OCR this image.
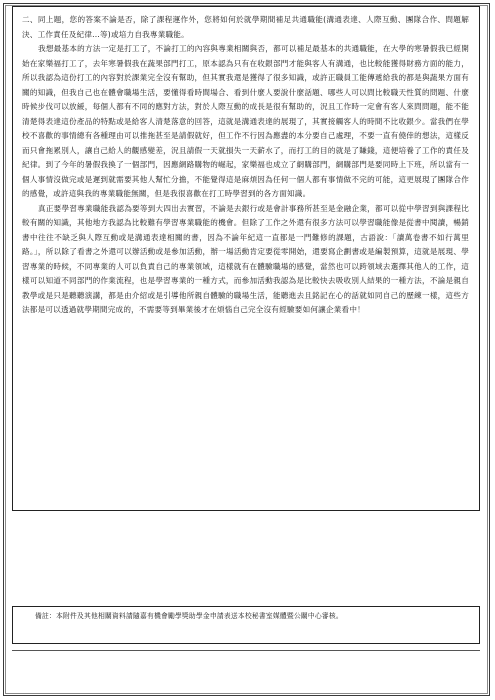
二、同上題，您的答案不論是否，除了課程運作外，您將如何於就學期間補足共通職能(溝通表達、人際互動、團隊合作、問題解決、工作責任及紀律...等)或培力自我專業職能。

我想最基本的方法一定是打工了，不論打工的內容與專業相關與否，都可以補足最基本的共通職能，在大學的寒暑假我已經開始在家樂福打工了，去年寒暑假我在蔬果部門打工，原本認為只有在收銀部門才能與客人有溝通，也比較能獲得財務方面的能力，所以我認為這份打工的內容對於課業完全沒有幫助，但其實我還是獲得了很多知識，或許正職員工能傳遞給我的都是與蔬果方面有關的知識，但我自己也在體會職場生活，要懂得看時間場合、看到什麼人要說什麼話題、哪些人可以問比較職天性質的問題、什麼時候步伐可以放緩，每個人都有不同的應對方法，對於人際互動的成長是很有幫助的，況且工作時一定會有客人來問問題，能不能清楚得表達這份產品的特點或是給客人清楚落意的回答，這就是溝通表達的展現了，其實接觸客人的時間不比收銀少。當我們在學校不喜歡的事情總有各種理由可以推拖甚至是請假就好，但工作不行因為應盡的本分要自己處理，不要一直有僥倖的想法，這樣反而只會拖累別人，讓自己給人的觀感變差，況且請假一天就損失一天薪水了，而打工的目的就是了賺錢，這便培養了工作的責任及紀律。到了今年的暑假我換了一個部門，因應網路購物的崛起，家樂福也成立了網購部門，網購部門是要同時上下班，所以當有一個人事情沒做完或是遲到就需要其他人幫忙分擔，不能覺得這是麻煩因為任何一個人都有事情做不完的可能，這更展現了團隊合作的感覺，或許這與我的專業職能無關，但是我很喜歡在打工時學習到的各方面知識。

真正要學習專業職能我認為要等到大四出去實習，不論是去銀行或是會計事務所甚至是金融企業，都可以從中學習到與課程比較有關的知識，其他地方我認為比較難有學習專業職能的機會。但除了工作之外還有很多方法可以學習職能像是從書中閱讀，暢銷書中往往不缺乏與人際互動或是溝通表達相關的書，因為不論年紀這一直都是一門難修的課題，古語說：「讀萬卷書不如行萬里路。」，所以除了看書之外還可以辦活動或是參加活動，辦一場活動肯定要從零開始，還要寫企劃書或是編製預算，這就是展現、學習專業的時候，不同專業的人可以負責自己的專業領域，這樣就有在體驗職場的感覺，當然也可以跨領域去選擇其他人的工作，這樣可以知道不同部門的作業流程，也是學習專業的一種方式，而參加活動我認為是比較快去吸收別人結果的一種方法，不論是親自教學或是只是聽聽演講，都是由介紹或是引導他所親自體驗的職場生活，能聽進去且銘記在心的話就如同自己的歷練一樣，這些方法都是可以透過就學期間完成的，不需要等到畢業後才在煩惱自己完全沒有經驗要如何讓企業看中！

備註：本附件及其他相關資料請隨嘉有機會勵學獎助學金申請表送本校秘書室媒體暨公關中心審核。
